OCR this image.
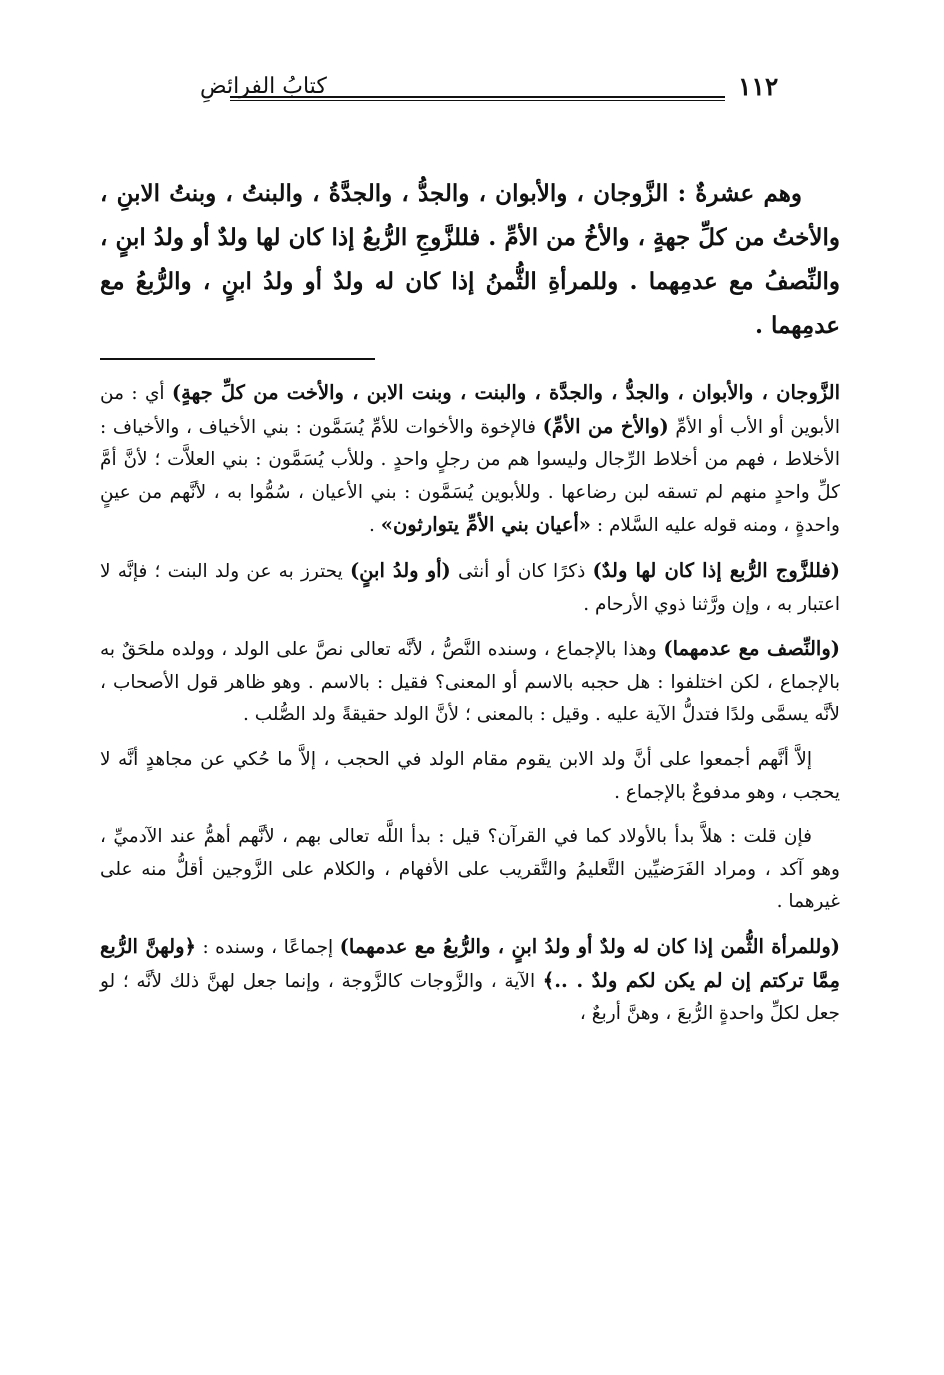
١١٢
كتابُ الفرائضِ

وهم عشرةٌ : الزَّوجان ، والأبوان ، والجدُّ ، والجدَّةُ ، والبنتُ ، وبنتُ الابنِ ، والأختُ من كلِّ جهةٍ ، والأخُ من الأمِّ . فللزَّوجِ الرُّبعُ إذا كان لها ولدٌ أو ولدُ ابنٍ ، والنِّصفُ مع عدمِهما . وللمرأةِ الثُّمنُ إذا كان له ولدٌ أو ولدُ ابنٍ ، والرُّبعُ مع عدمِهما .

الزَّوجان ، والأبوان ، والجدُّ ، والجدَّة ، والبنت ، وبنت الابن ، والأخت من كلِّ جهةٍ) أي : من الأبوين أو الأب أو الأمِّ (والأخ من الأمِّ) فالإخوة والأخوات للأمِّ يُسَمَّون : بني الأخياف ، والأخياف : الأخلاط ، فهم من أخلاط الرِّجال وليسوا هم من رجلٍ واحدٍ . وللأب يُسَمَّون : بني العلاَّت ؛ لأنَّ أمَّ كلِّ واحدٍ منهم لم تسقه لبن رضاعها . وللأبوين يُسَمَّون : بني الأعيان ، سُمُّوا به ، لأنَّهم من عينٍ واحدةٍ ، ومنه قوله عليه السَّلام : «أعيان بني الأمِّ يتوارثون» .

(فللزَّوج الرُّبع إذا كان لها ولدٌ) ذكرًا كان أو أنثى (أو ولدُ ابنٍ) يحترز به عن ولد البنت ؛ فإنَّه لا اعتبار به ، وإن ورَّثنا ذوي الأرحام .

(والنِّصف مع عدمهما) وهذا بالإجماع ، وسنده النَّصُّ ، لأنَّه تعالى نصَّ على الولد ، وولده ملحَقٌ به بالإجماع ، لكن اختلفوا : هل حجبه بالاسم أو المعنى؟ فقيل : بالاسم . وهو ظاهر قول الأصحاب ، لأنَّه يسمَّى ولدًا فتدلُّ الآية عليه . وقيل : بالمعنى ؛ لأنَّ الولد حقيقةً ولد الصُّلب .

إلاَّ أنَّهم أجمعوا على أنَّ ولد الابن يقوم مقام الولد في الحجب ، إلاَّ ما حُكي عن مجاهدٍ أنَّه لا يحجب ، وهو مدفوعٌ بالإجماع .

فإن قلت : هلاَّ بدأ بالأولاد كما في القرآن؟ قيل : بدأ اللَّه تعالى بهم ، لأنَّهم أهمُّ عند الآدميِّ ، وهو آكد ، ومراد الفَرَضيِّين التَّعليمُ والتَّقريب على الأفهام ، والكلام على الزَّوجين أقلُّ منه على غيرهما .

(وللمرأة الثُّمن إذا كان له ولدٌ أو ولدُ ابنٍ ، والرُّبعُ مع عدمهما) إجماعًا ، وسنده : ﴿ولهنَّ الرُّبع مِمَّا تركتم إن لم يكن لكم ولدٌ . ..﴾ الآية ، والزَّوجات كالزَّوجة ، وإنما جعل لهنَّ ذلك لأنَّه ؛ لو جعل لكلِّ واحدةٍ الرُّبعَ ، وهنَّ أربعٌ ،
